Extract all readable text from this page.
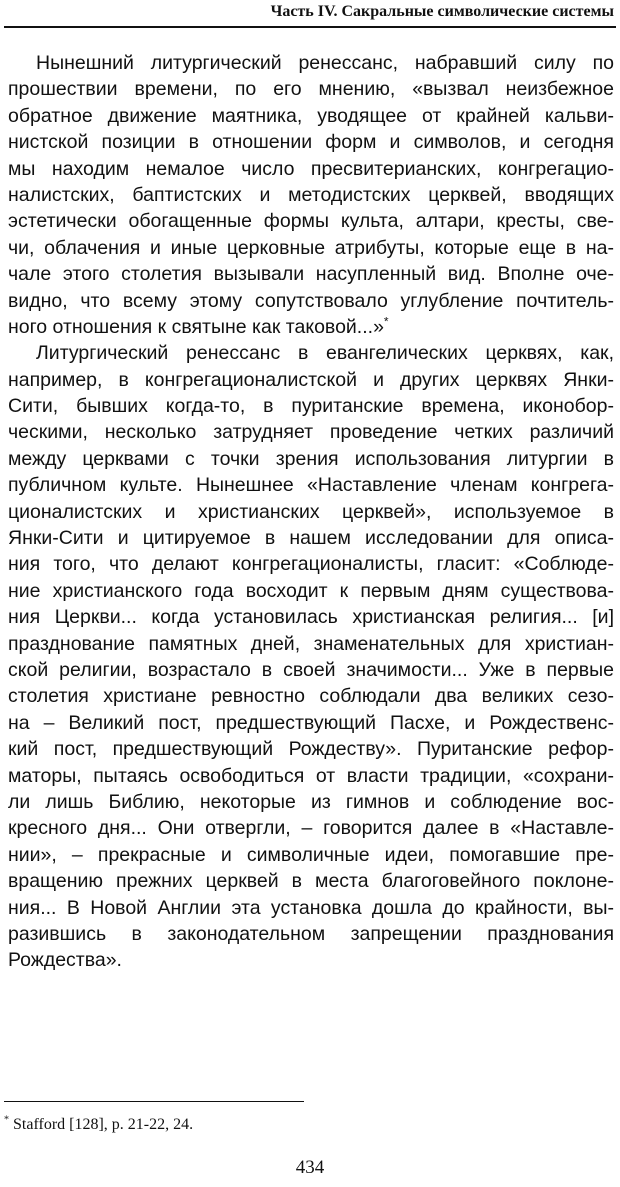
Часть IV. Сакральные символические системы
Нынешний литургический ренессанс, набравший силу по
прошествии времени, по его мнению, «вызвал неизбежное
обратное движение маятника, уводящее от крайней кальви-
нистской позиции в отношении форм и символов, и сегодня
мы находим немалое число пресвитерианских, конгрегацио-
налистских, баптистских и методистских церквей, вводящих
эстетически обогащенные формы культа, алтари, кресты, све-
чи, облачения и иные церковные атрибуты, которые еще в на-
чале этого столетия вызывали насупленный вид. Вполне оче-
видно, что всему этому сопутствовало углубление почтитель-
ного отношения к святыне как таковой...»*
Литургический ренессанс в евангелических церквях, как,
например, в конгрегационалистской и других церквях Янки-
Сити, бывших когда-то, в пуританские времена, иконобор-
ческими, несколько затрудняет проведение четких различий
между церквами с точки зрения использования литургии в
публичном культе. Нынешнее «Наставление членам конгрега-
ционалистских и христианских церквей», используемое в
Янки-Сити и цитируемое в нашем исследовании для описа-
ния того, что делают конгрегационалисты, гласит: «Соблюде-
ние христианского года восходит к первым дням существова-
ния Церкви... когда установилась христианская религия... [и]
празднование памятных дней, знаменательных для христиан-
ской религии, возрастало в своей значимости... Уже в первые
столетия христиане ревностно соблюдали два великих сезо-
на – Великий пост, предшествующий Пасхе, и Рождественс-
кий пост, предшествующий Рождеству». Пуританские рефор-
маторы, пытаясь освободиться от власти традиции, «сохрани-
ли лишь Библию, некоторые из гимнов и соблюдение вос-
кресного дня... Они отвергли, – говорится далее в «Наставле-
нии», – прекрасные и символичные идеи, помогавшие пре-
вращению прежних церквей в места благоговейного поклоне-
ния... В Новой Англии эта установка дошла до крайности, вы-
разившись в законодательном запрещении празднования
Рождества».
* Stafford [128], p. 21-22, 24.
434
